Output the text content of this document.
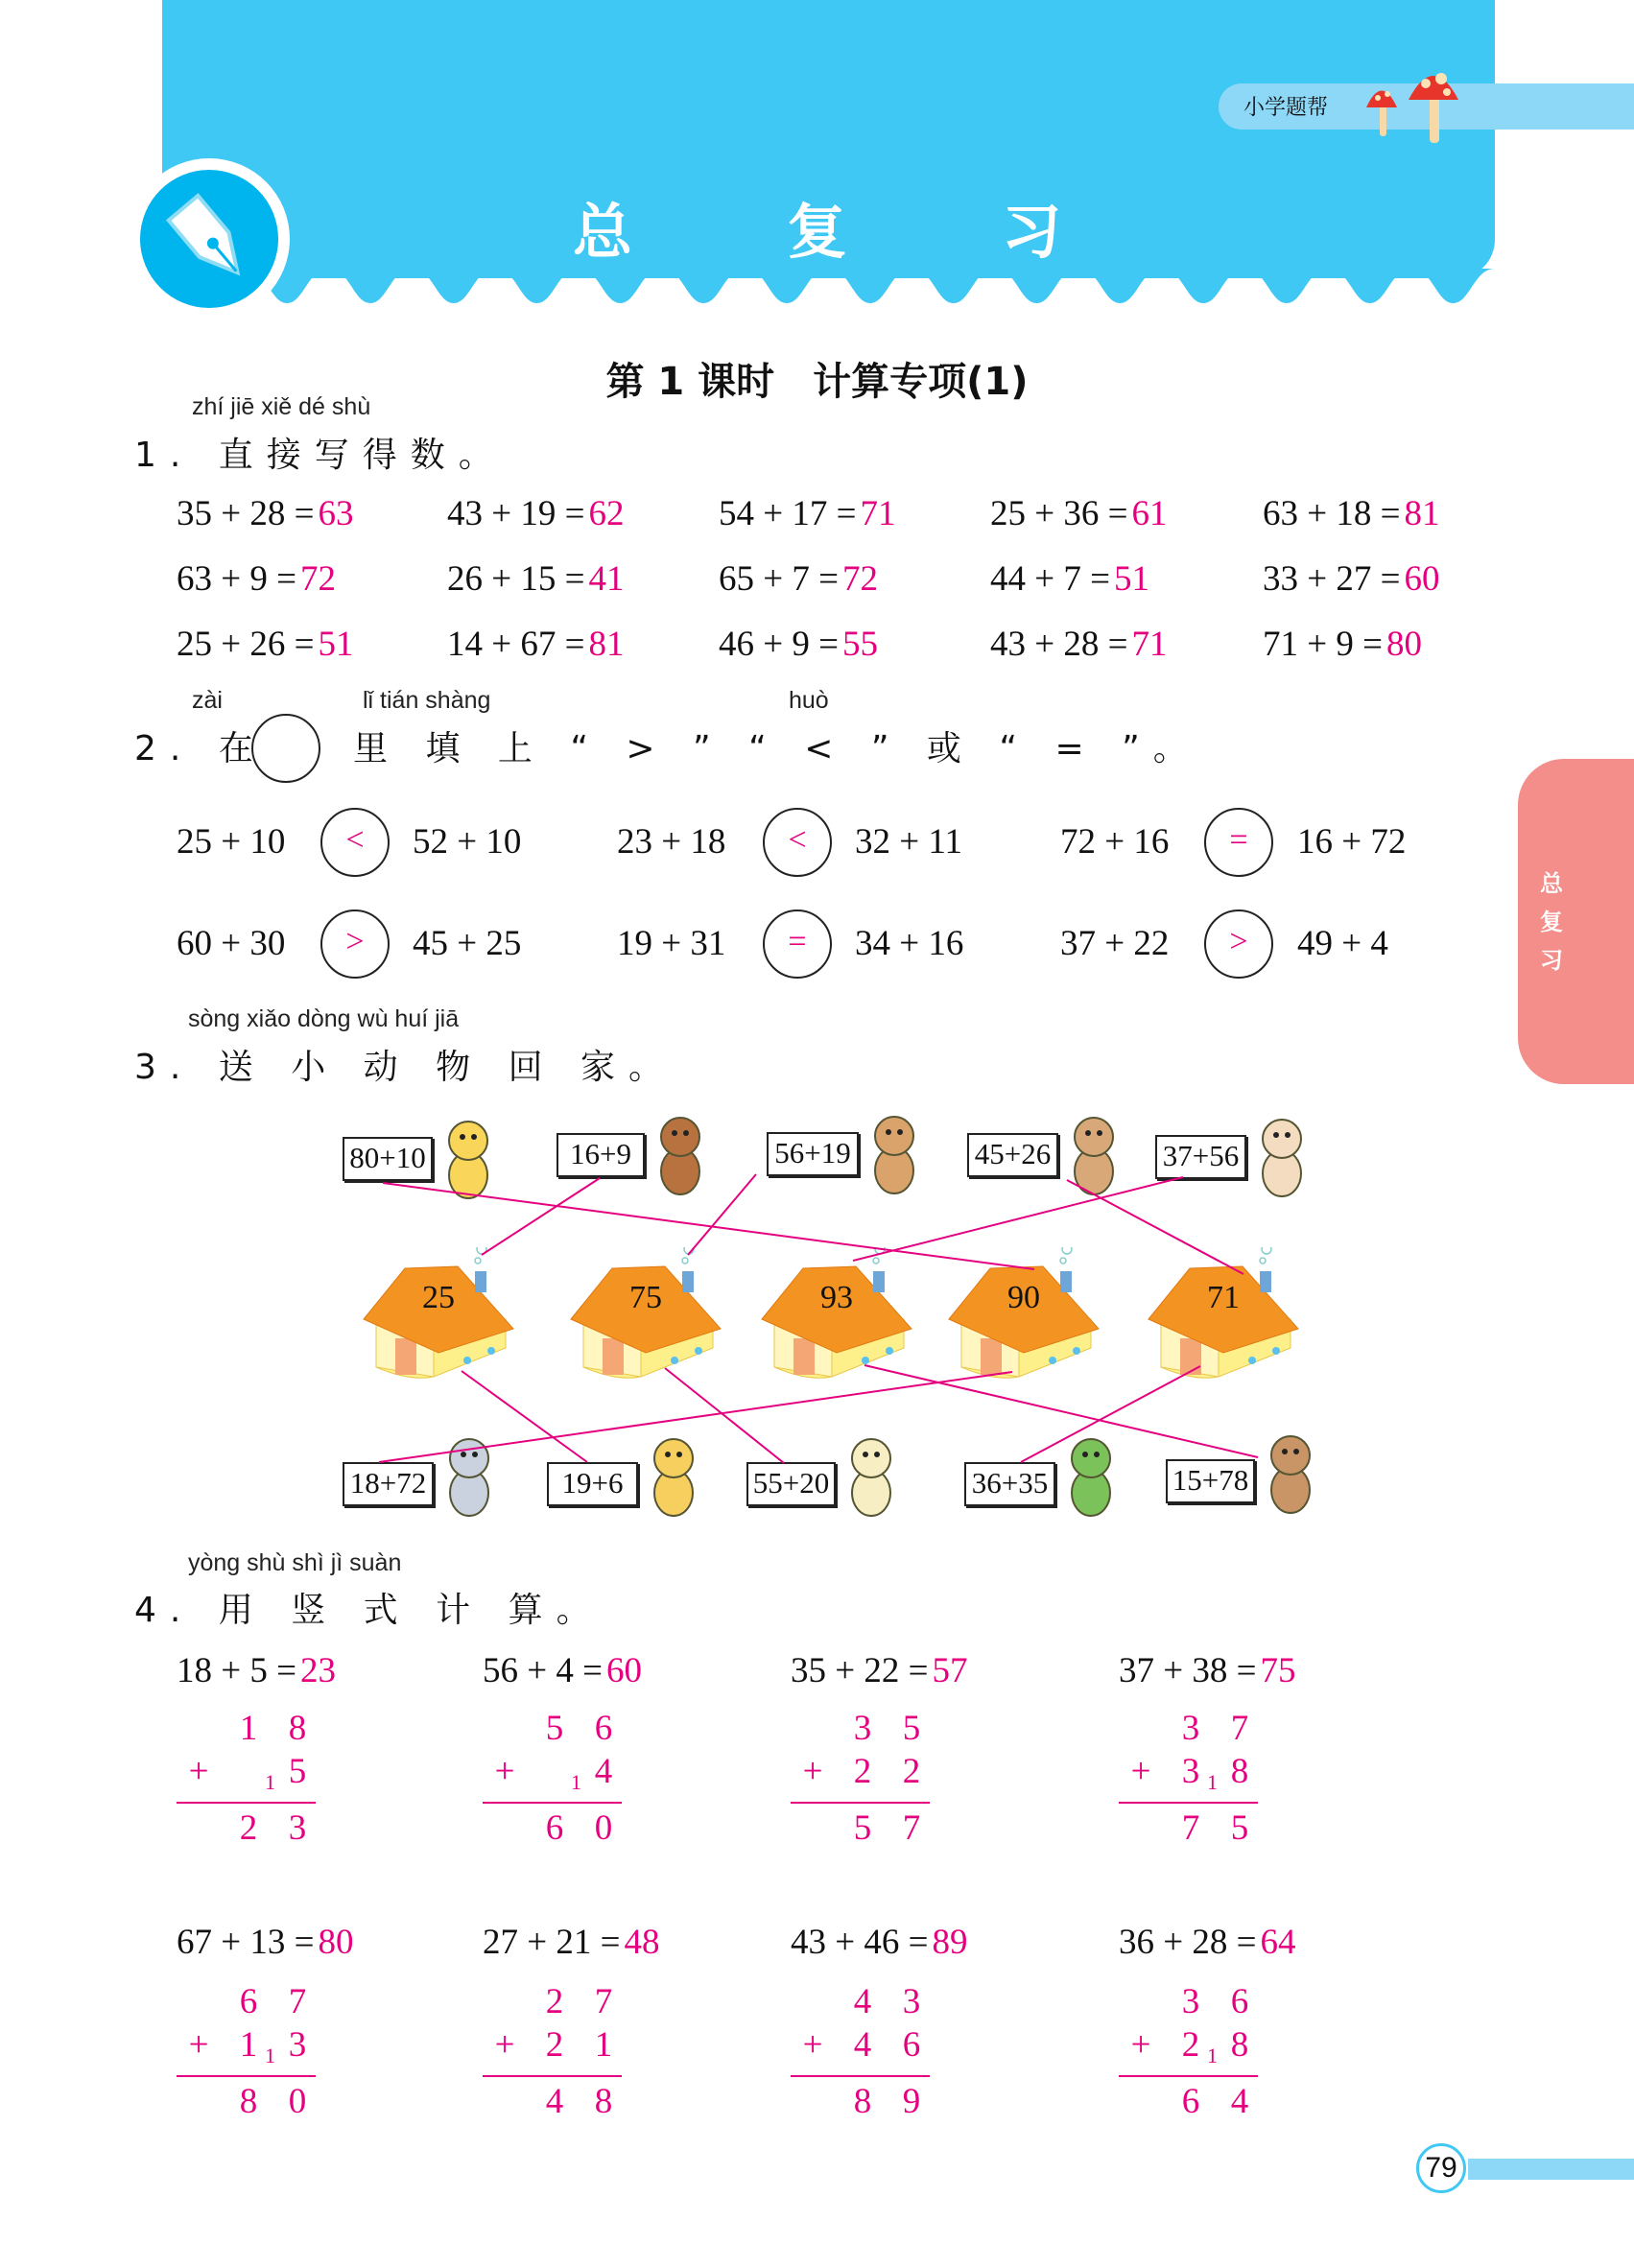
总 复 习
小学题帮
总复习
第 1 课时　计算专项(1)
zhí jiē xiě dé shù
1. 直接写得数。
35 + 28 = 63	43 + 19 = 62	54 + 17 = 71	25 + 36 = 61	63 + 18 = 81
63 + 9 = 72	26 + 15 = 41	65 + 7 = 72	44 + 7 = 51	33 + 27 = 60
25 + 26 = 51	14 + 67 = 81	46 + 9 = 55	43 + 28 = 71	71 + 9 = 80
zài	lǐ tián shàng	huò
2. 在	里 填 上 “ > ” “ < ” 或 “ = ”。
25 + 10	<	52 + 10	23 + 18	<	32 + 11	72 + 16	=	16 + 72
60 + 30	>	45 + 25	19 + 31	=	34 + 16	37 + 22	>	49 + 4
sòng xiǎo dòng wù huí jiā
3. 送 小 动 物 回 家。
80+10	16+9	56+19	45+26	37+56
18+72	19+6	55+20	36+35	15+78
25	75	93	90	71
yòng shù shì jì suàn
4. 用 竖 式 计 算。
18 + 5 = 23
1 8
+	1 5
2 3
56 + 4 = 60
5 6
+	1 4
6 0
35 + 22 = 57
3 5
+ 2 2
5 7
37 + 38 = 75
3 7
+ 3 1 8
7 5
67 + 13 = 80
6 7
+ 1 1 3
8 0
27 + 21 = 48
2 7
+ 2 1
4 8
43 + 46 = 89
4 3
+ 4 6
8 9
36 + 28 = 64
3 6
+ 2 1 8
6 4
79
